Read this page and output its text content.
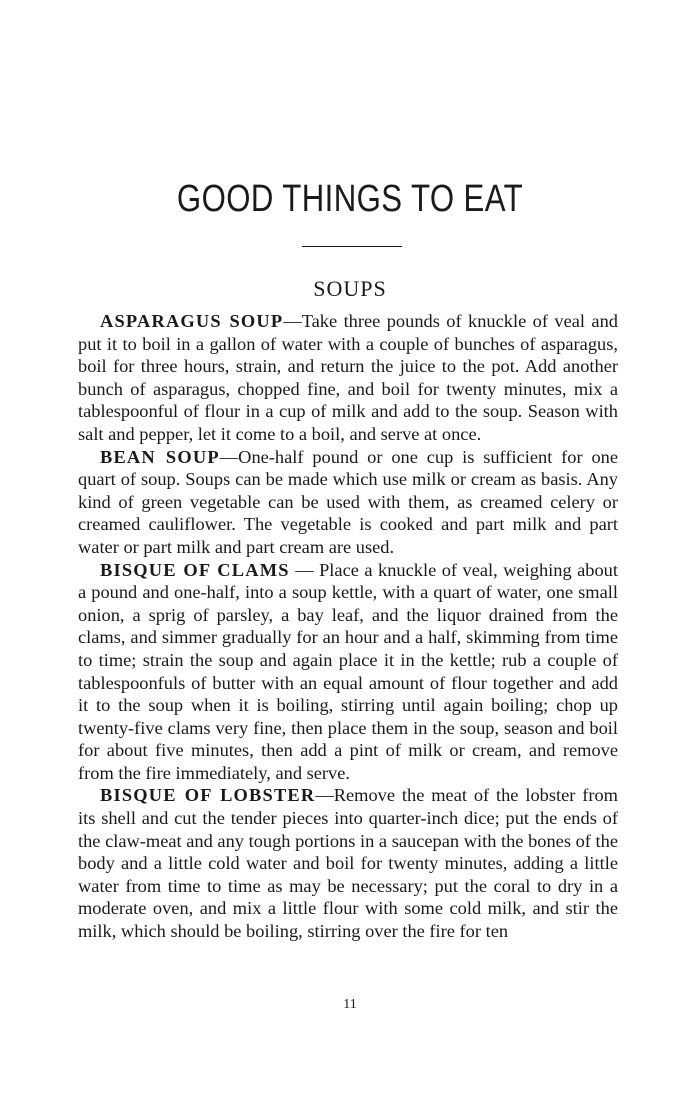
GOOD THINGS TO EAT
SOUPS

ASPARAGUS SOUP—Take three pounds of knuckle of veal and put it to boil in a gallon of water with a couple of bunches of asparagus, boil for three hours, strain, and return the juice to the pot. Add another bunch of asparagus, chopped fine, and boil for twenty minutes, mix a tablespoonful of flour in a cup of milk and add to the soup. Season with salt and pepper, let it come to a boil, and serve at once.

BEAN SOUP—One-half pound or one cup is sufficient for one quart of soup. Soups can be made which use milk or cream as basis. Any kind of green vegetable can be used with them, as creamed celery or creamed cauliflower. The vegetable is cooked and part milk and part water or part milk and part cream are used.

BISQUE OF CLAMS — Place a knuckle of veal, weighing about a pound and one-half, into a soup kettle, with a quart of water, one small onion, a sprig of parsley, a bay leaf, and the liquor drained from the clams, and simmer gradually for an hour and a half, skimming from time to time; strain the soup and again place it in the kettle; rub a couple of tablespoonfuls of butter with an equal amount of flour together and add it to the soup when it is boiling, stirring until again boiling; chop up twenty-five clams very fine, then place them in the soup, season and boil for about five minutes, then add a pint of milk or cream, and remove from the fire immediately, and serve.

BISQUE OF LOBSTER—Remove the meat of the lobster from its shell and cut the tender pieces into quarter-inch dice; put the ends of the claw-meat and any tough portions in a saucepan with the bones of the body and a little cold water and boil for twenty minutes, adding a little water from time to time as may be necessary; put the coral to dry in a moderate oven, and mix a little flour with some cold milk, and stir the milk, which should be boiling, stirring over the fire for ten

11
